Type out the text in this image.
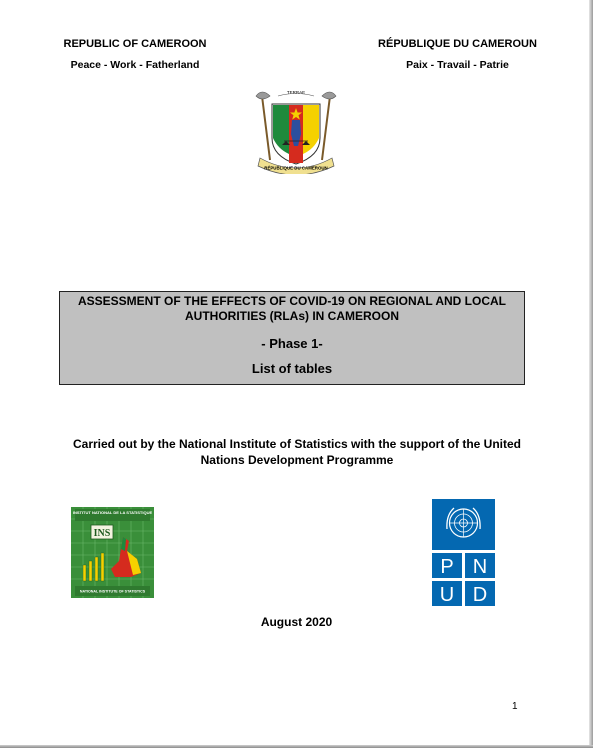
REPUBLIC OF CAMEROON
Peace - Work - Fatherland
RÉPUBLIQUE DU CAMEROUN
Paix - Travail - Patrie
TERRAE
RÉPUBLIQUE DU CAMEROUN
ASSESSMENT OF THE EFFECTS OF COVID-19 ON REGIONAL AND LOCAL AUTHORITIES (RLAs) IN CAMEROON
- Phase 1-
List of tables
Carried out by the National Institute of Statistics with the support of the United Nations Development Programme
INSTITUT NATIONAL DE LA STATISTIQUE
INS
NATIONAL INSTITUTE OF STATISTICS
P N
U D
August 2020
1
